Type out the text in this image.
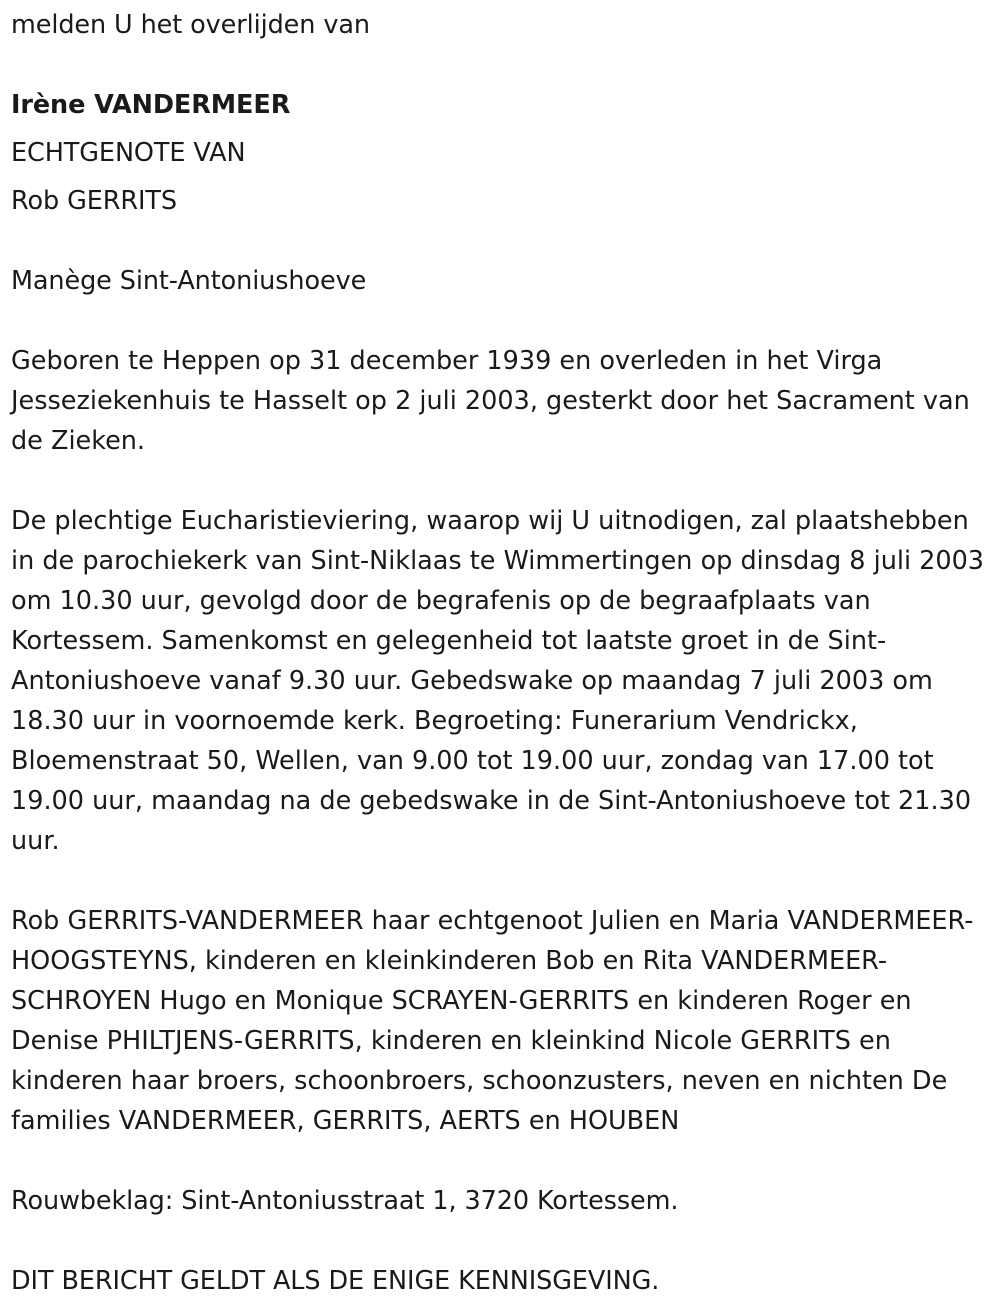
melden U het overlijden van
Irène VANDERMEER
ECHTGENOTE VAN
Rob GERRITS
Manège Sint-Antoniushoeve
Geboren te Heppen op 31 december 1939 en overleden in het Virga Jesseziekenhuis te Hasselt op 2 juli 2003, gesterkt door het Sacrament van de Zieken.
De plechtige Eucharistieviering, waarop wij U uitnodigen, zal plaatshebben in de parochiekerk van Sint-Niklaas te Wimmertingen op dinsdag 8 juli 2003 om 10.30 uur, gevolgd door de begrafenis op de begraafplaats van Kortessem. Samenkomst en gelegenheid tot laatste groet in de Sint-Antoniushoeve vanaf 9.30 uur. Gebedswake op maandag 7 juli 2003 om 18.30 uur in voornoemde kerk. Begroeting: Funerarium Vendrickx, Bloemenstraat 50, Wellen, van 9.00 tot 19.00 uur, zondag van 17.00 tot 19.00 uur, maandag na de gebedswake in de Sint-Antoniushoeve tot 21.30 uur.
Rob GERRITS-VANDERMEER haar echtgenoot Julien en Maria VANDERMEER-HOOGSTEYNS, kinderen en kleinkinderen Bob en Rita VANDERMEER-SCHROYEN Hugo en Monique SCRAYEN-GERRITS en kinderen Roger en Denise PHILTJENS-GERRITS, kinderen en kleinkind Nicole GERRITS en kinderen haar broers, schoonbroers, schoonzusters, neven en nichten De families VANDERMEER, GERRITS, AERTS en HOUBEN
Rouwbeklag: Sint-Antoniusstraat 1, 3720 Kortessem.
DIT BERICHT GELDT ALS DE ENIGE KENNISGEVING.
